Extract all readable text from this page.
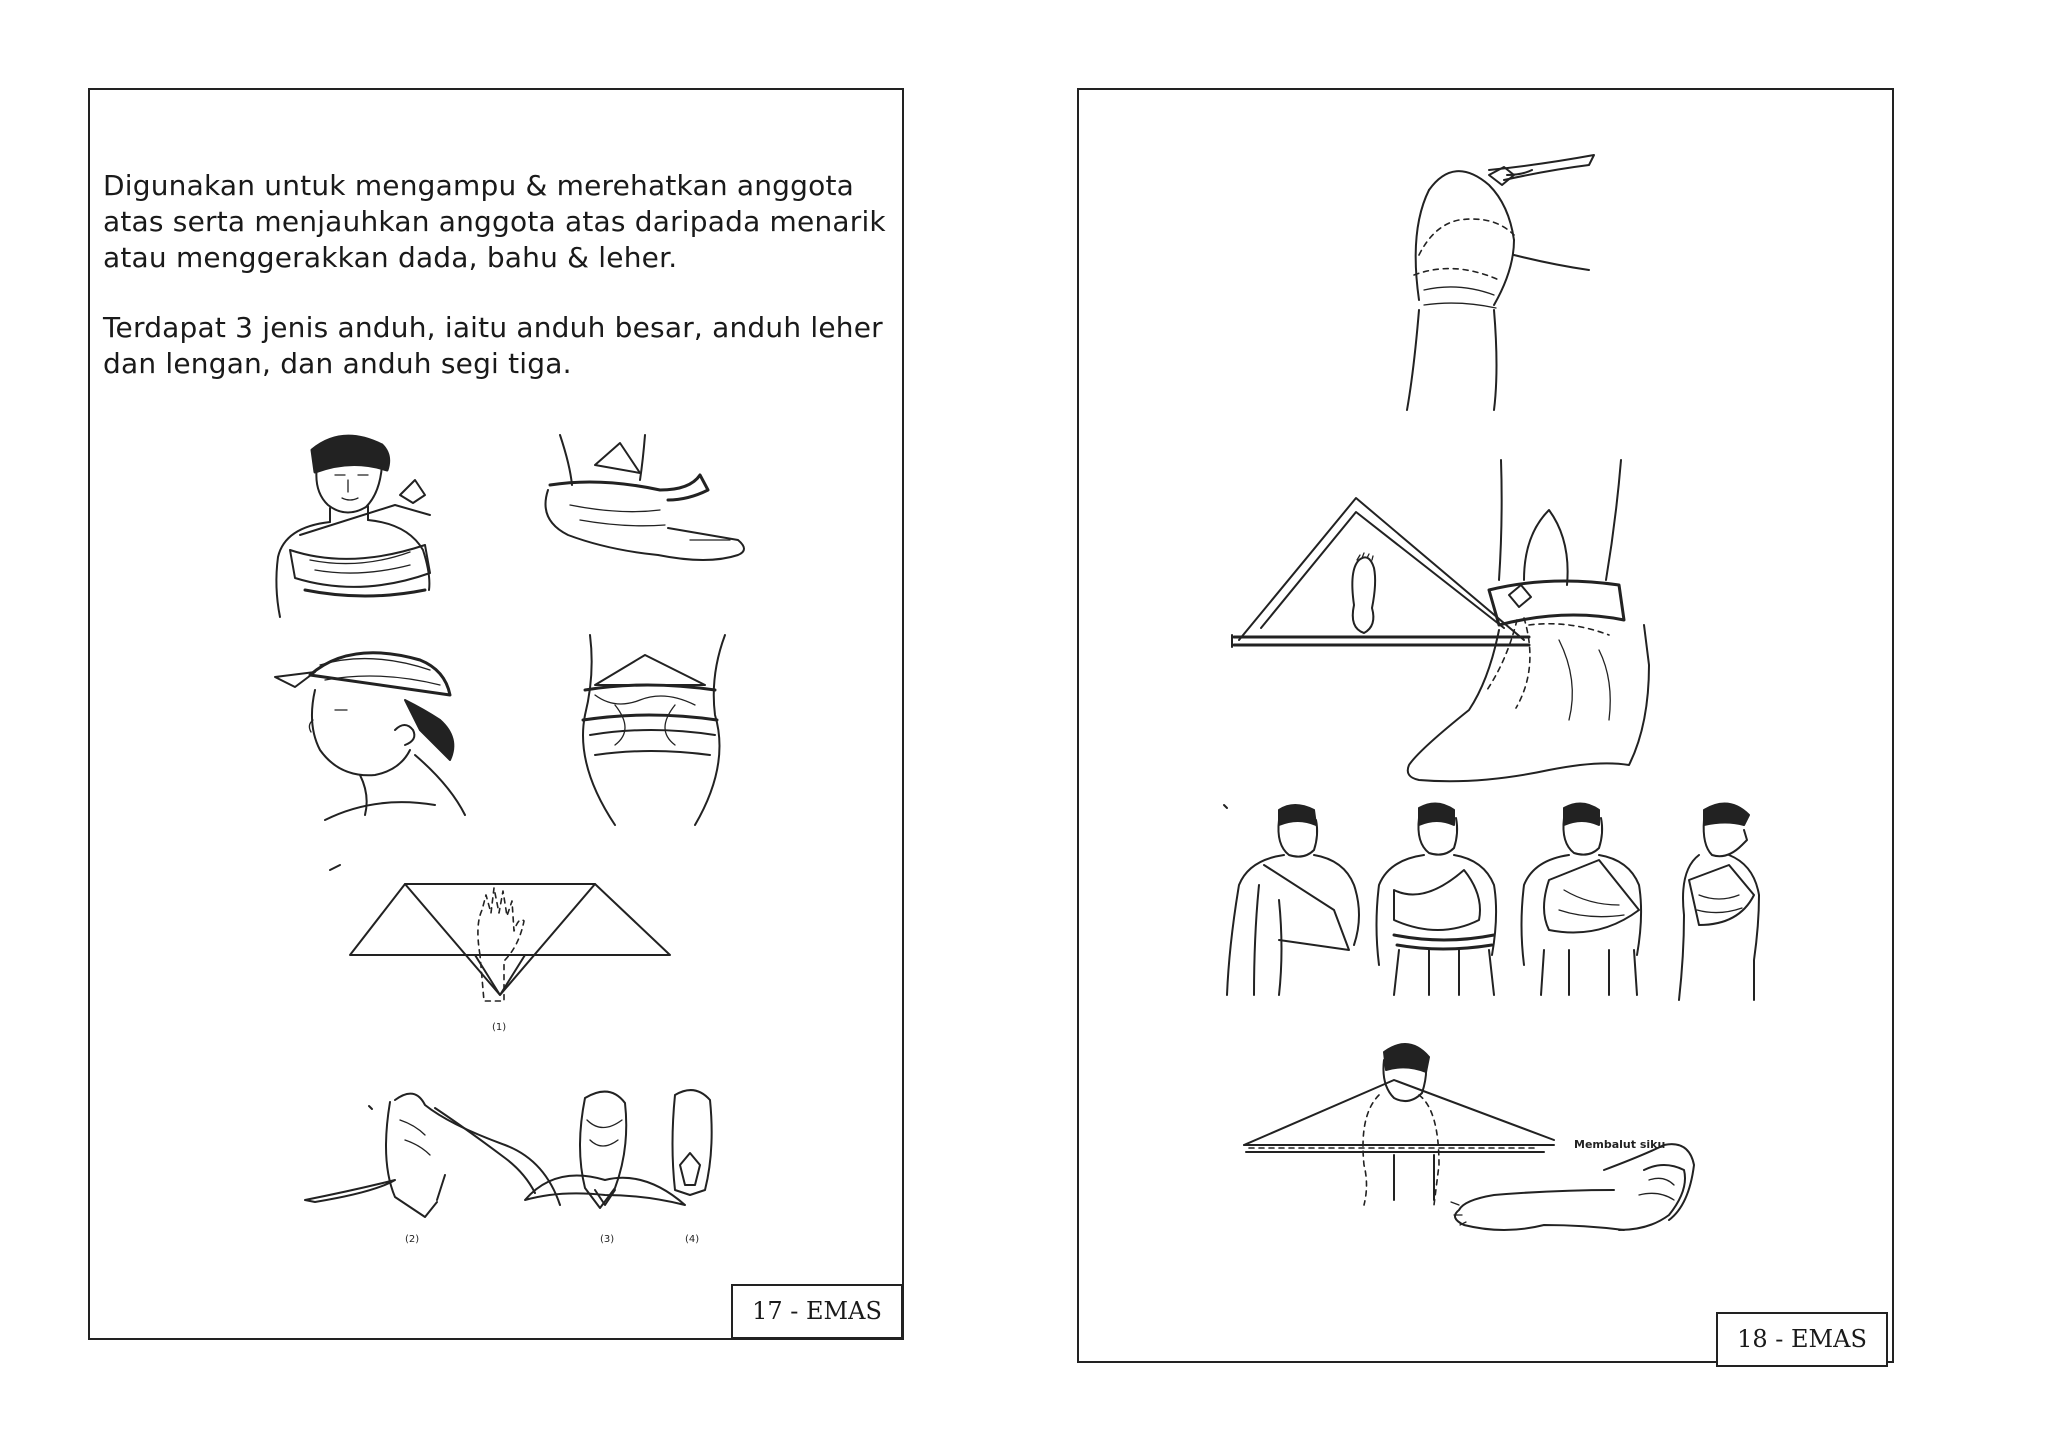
Digunakan untuk mengampu & merehatkan anggota atas serta menjauhkan anggota atas daripada menarik atau menggerakkan dada, bahu & leher.

Terdapat 3 jenis anduh, iaitu anduh besar, anduh leher dan lengan, dan anduh segi tiga.

(1)
(2)	(3)	(4)
17 - EMAS
Membalut siku
18 - EMAS
